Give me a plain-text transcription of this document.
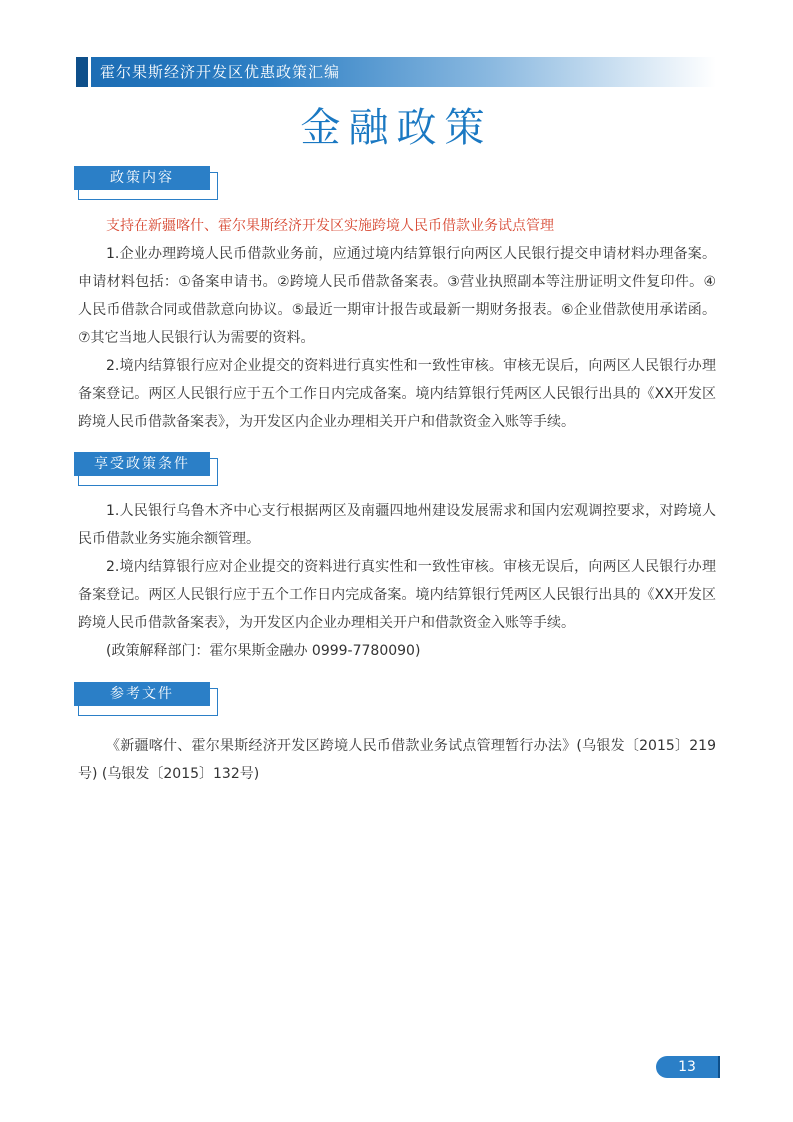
霍尔果斯经济开发区优惠政策汇编
金融政策
政策内容

支持在新疆喀什、霍尔果斯经济开发区实施跨境人民币借款业务试点管理

1.企业办理跨境人民币借款业务前，应通过境内结算银行向两区人民银行提交申请材料办理备案。申请材料包括：①备案申请书。②跨境人民币借款备案表。③营业执照副本等注册证明文件复印件。④人民币借款合同或借款意向协议。⑤最近一期审计报告或最新一期财务报表。⑥企业借款使用承诺函。⑦其它当地人民银行认为需要的资料。

2.境内结算银行应对企业提交的资料进行真实性和一致性审核。审核无误后，向两区人民银行办理备案登记。两区人民银行应于五个工作日内完成备案。境内结算银行凭两区人民银行出具的《XX开发区跨境人民币借款备案表》，为开发区内企业办理相关开户和借款资金入账等手续。

享受政策条件

1.人民银行乌鲁木齐中心支行根据两区及南疆四地州建设发展需求和国内宏观调控要求，对跨境人民币借款业务实施余额管理。

2.境内结算银行应对企业提交的资料进行真实性和一致性审核。审核无误后，向两区人民银行办理备案登记。两区人民银行应于五个工作日内完成备案。境内结算银行凭两区人民银行出具的《XX开发区跨境人民币借款备案表》，为开发区内企业办理相关开户和借款资金入账等手续。

(政策解释部门：霍尔果斯金融办 0999-7780090)

参考文件

《新疆喀什、霍尔果斯经济开发区跨境人民币借款业务试点管理暂行办法》(乌银发〔2015〕219号) (乌银发〔2015〕132号)

13
